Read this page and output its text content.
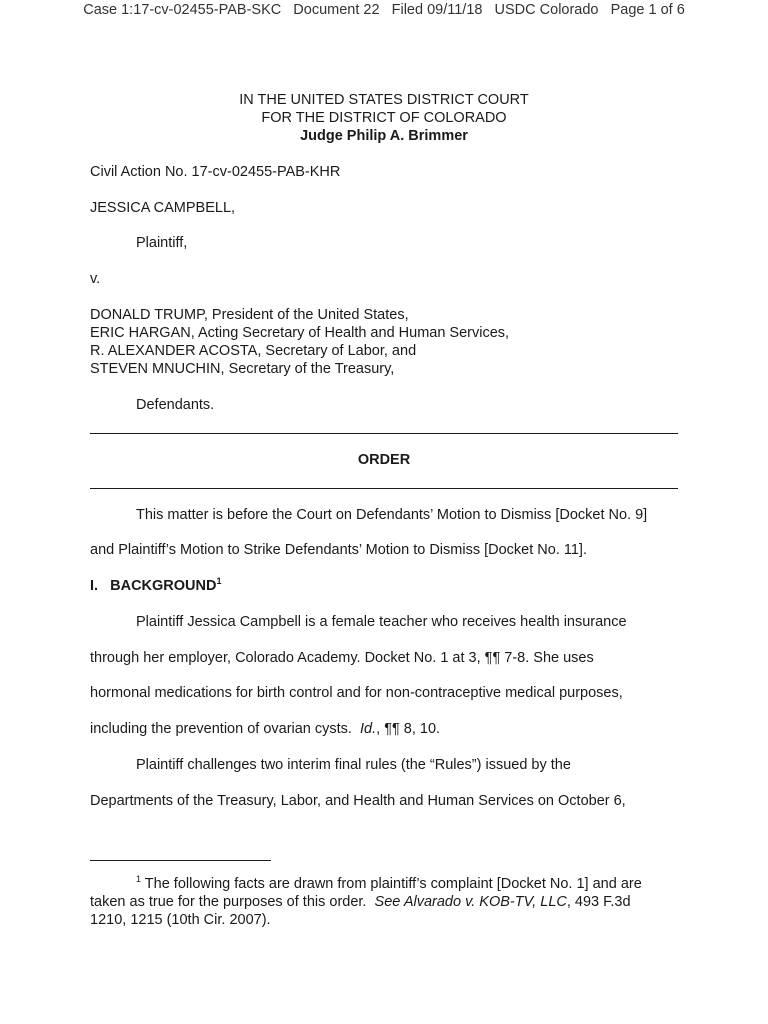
Case 1:17-cv-02455-PAB-SKC   Document 22   Filed 09/11/18   USDC Colorado   Page 1 of 6
IN THE UNITED STATES DISTRICT COURT
FOR THE DISTRICT OF COLORADO
Judge Philip A. Brimmer
Civil Action No. 17-cv-02455-PAB-KHR
JESSICA CAMPBELL,
Plaintiff,
v.
DONALD TRUMP, President of the United States,
ERIC HARGAN, Acting Secretary of Health and Human Services,
R. ALEXANDER ACOSTA, Secretary of Labor, and
STEVEN MNUCHIN, Secretary of the Treasury,
Defendants.
ORDER
This matter is before the Court on Defendants’ Motion to Dismiss [Docket No. 9]
and Plaintiff’s Motion to Strike Defendants’ Motion to Dismiss [Docket No. 11].
I.   BACKGROUND$^1$
Plaintiff Jessica Campbell is a female teacher who receives health insurance
through her employer, Colorado Academy. Docket No. 1 at 3, ¶¶ 7-8. She uses
hormonal medications for birth control and for non-contraceptive medical purposes,
including the prevention of ovarian cysts.  Id., ¶¶ 8, 10.
Plaintiff challenges two interim final rules (the “Rules”) issued by the
Departments of the Treasury, Labor, and Health and Human Services on October 6,
$^1$ The following facts are drawn from plaintiff’s complaint [Docket No. 1] and are
taken as true for the purposes of this order.  See Alvarado v. KOB-TV, LLC, 493 F.3d
1210, 1215 (10th Cir. 2007).
